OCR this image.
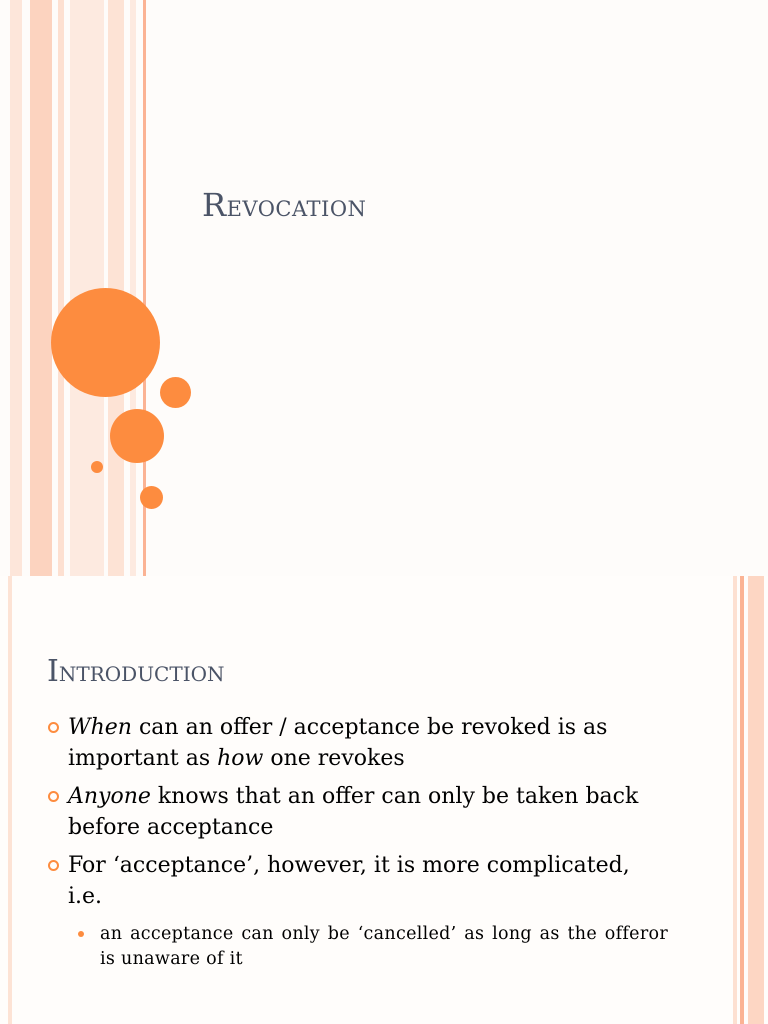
Revocation
Introduction
When can an offer / acceptance be revoked is as important as how one revokes
Anyone knows that an offer can only be taken back before acceptance
For ‘acceptance’, however, it is more complicated, i.e.
an acceptance can only be ‘cancelled’ as long as the offeror is unaware of it
